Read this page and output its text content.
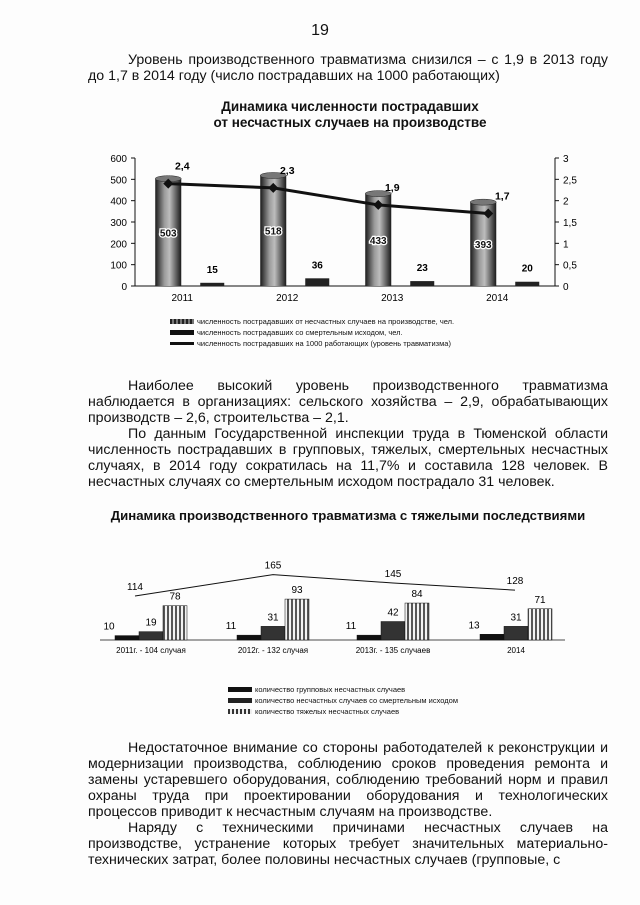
19
Уровень производственного травматизма снизился – с 1,9 в 2013 году до 1,7 в 2014 году (число пострадавших на 1000 работающих)
Динамика численности пострадавших
от несчастных случаев на производстве
0
100
200
300
400
500
600
0
0,5
1
1,5
2
2,5
3
503
15
2011
518
36
2012
433
23
2013
393
20
2014
2,4	2,3
1,9
1,7
численность пострадавших от несчастных случаев на производстве, чел.
численность пострадавших со смертельным исходом, чел.
численность пострадавших на 1000 работающих (уровень травматизма)
Наиболее высокий уровень производственного травматизма наблюдается в организациях: сельского хозяйства – 2,9, обрабатывающих производств – 2,6, строительства – 2,1.
По данным Государственной инспекции труда в Тюменской области численность пострадавших в групповых, тяжелых, смертельных несчастных случаях, в 2014 году сократилась на 11,7% и составила 128 человек. В несчастных случаях со смертельным исходом пострадало 31 человек.
Динамика производственного травматизма с тяжелыми последствиями
10	19
78
2011г. - 104 случая
11
31
93
2012г. - 132 случая
11
42
84
2013г. - 135 случаев
13
31
71
2014
114
165
145
128
количество групповых несчастных случаев
количество несчастных случаев со смертельным исходом
количество тяжелых несчастных случаев
Недостаточное внимание со стороны работодателей к реконструкции и модернизации производства, соблюдению сроков проведения ремонта и замены устаревшего оборудования, соблюдению требований норм и правил охраны труда при проектировании оборудования и технологических процессов приводит к несчастным случаям на производстве.
Наряду с техническими причинами несчастных случаев на производстве, устранение которых требует значительных материально-технических затрат, более половины несчастных случаев (групповые, с
